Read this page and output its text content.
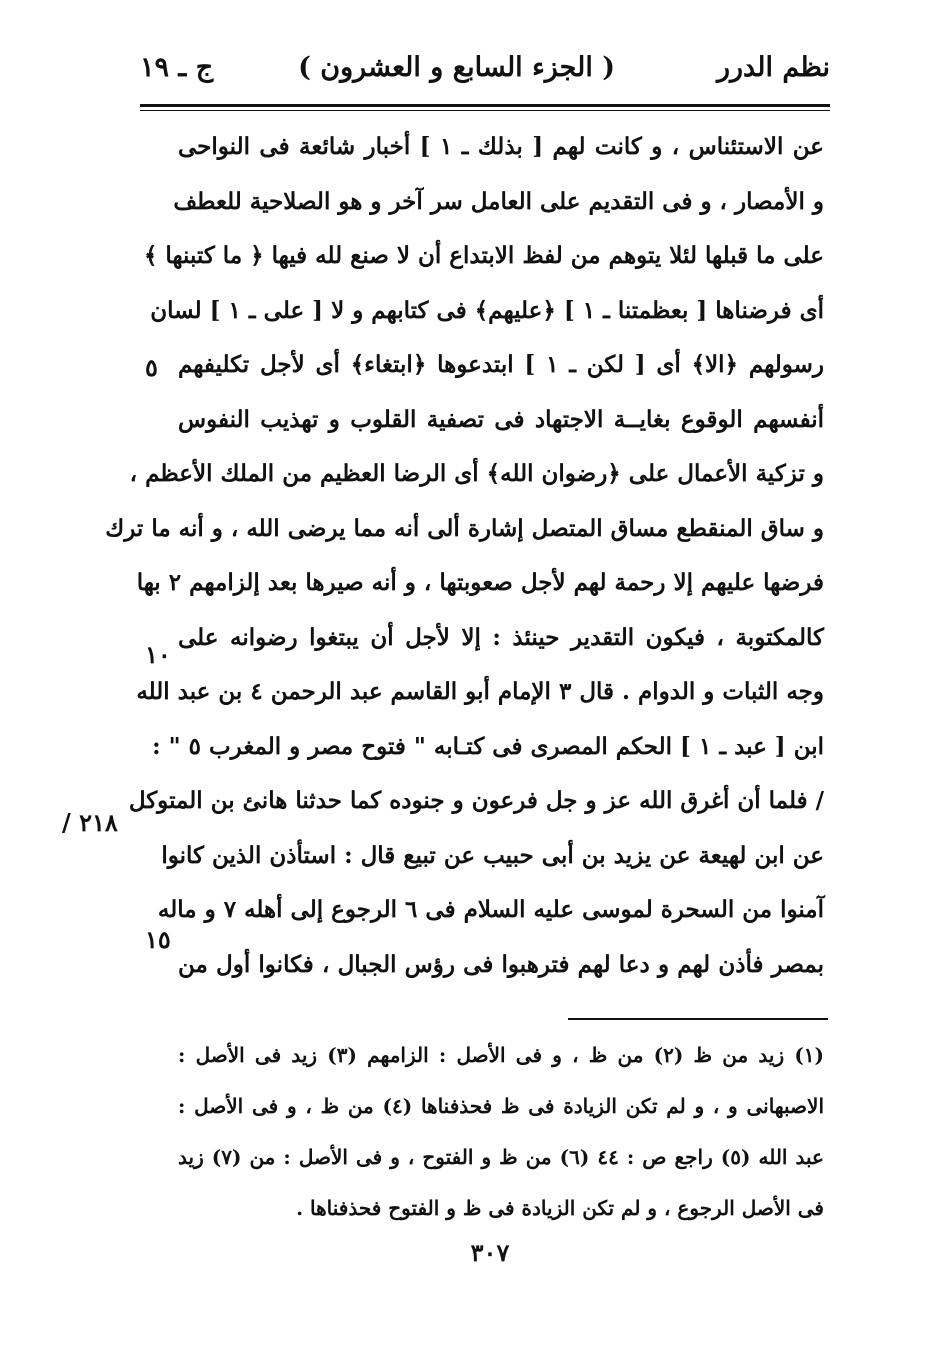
نظم الدرر
( الجزء السابع و العشرون )
ج ـ ١٩
عن الاستئناس ، و كانت لهم [ بذلك ـ ١ ] أخبار شائعة فى النواحى
و الأمصار ، و فى التقديم على العامل سر آخر و هو الصلاحية للعطف
على ما قبلها لئلا يتوهم من لفظ الابتداع أن لا صنع لله فيها ﴿ ما كتبنها ﴾
أى فرضناها [ بعظمتنا ـ ١ ] ﴿عليهم﴾ فى كتابهم و لا [ على ـ ١ ] لسان
رسولهم ﴿الا﴾ أى [ لكن ـ ١ ] ابتدعوها ﴿ابتغاء﴾ أى لأجل تكليفهم
أنفسهم الوقوع بغايــة الاجتهاد فى تصفية القلوب و تهذيب النفوس
و تزكية الأعمال على ﴿رضوان الله﴾ أى الرضا العظيم من الملك الأعظم ،
و ساق المنقطع مساق المتصل إشارة ألى أنه مما يرضى الله ، و أنه ما ترك
فرضها عليهم إلا رحمة لهم لأجل صعوبتها ، و أنه صيرها بعد إلزامهم ٢ بها
كالمكتوبة ، فيكون التقدير حينئذ : إلا لأجل أن يبتغوا رضوانه على
وجه الثبات و الدوام . قال ٣ الإمام أبو القاسم عبد الرحمن ٤ بن عبد الله
ابن [ عبد ـ ١ ] الحكم المصرى فى كتـابه " فتوح مصر و المغرب ٥ " :
/ فلما أن أغرق الله عز و جل فرعون و جنوده كما حدثنا هانئ بن المتوكل
عن ابن لهيعة عن يزيد بن أبى حبيب عن تبيع قال : استأذن الذين كانوا
آمنوا من السحرة لموسى عليه السلام فى ٦ الرجوع إلى أهله ٧ و ماله
بمصر فأذن لهم و دعا لهم فترهبوا فى رؤس الجبال ، فكانوا أول من
٥
١٠
١٥
٢١٨ /
(١) زيد من ظ (٢) من ظ ، و فى الأصل : الزامهم (٣) زيد فى الأصل :
الاصبهانى و ، و لم تكن الزيادة فى ظ فحذفناها (٤) من ظ ، و فى الأصل :
عبد الله (٥) راجع ص : ٤٤ (٦) من ظ و الفتوح ، و فى الأصل : من (٧) زيد
فى الأصل الرجوع ، و لم تكن الزيادة فى ظ و الفتوح فحذفناها .
٣٠٧
